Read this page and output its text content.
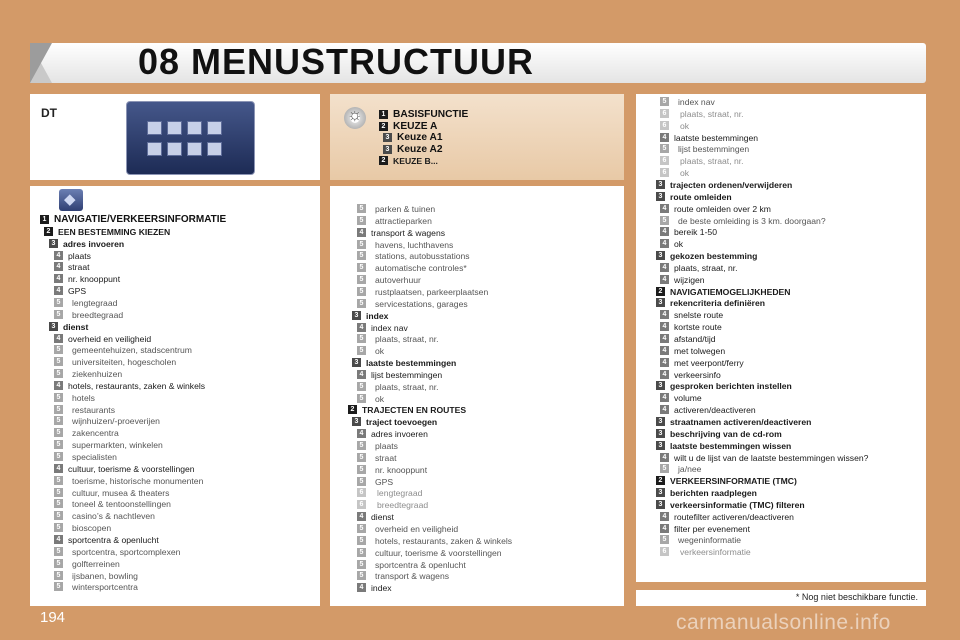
08 MENUSTRUCTUUR
DT
☼	1 BASISFUNCTIE
2 KEUZE A
3 Keuze A1
3 Keuze A2
2 KEUZE B...
◆
1 NAVIGATIE/VERKEERSINFORMATIE
2 EEN BESTEMMING KIEZEN
3 adres invoeren
4 plaats
4 straat
4 nr. knooppunt
4 GPS
5 lengtegraad
5 breedtegraad
3 dienst
4 overheid en veiligheid
5 gemeentehuizen, stadscentrum
5 universiteiten, hogescholen
5 ziekenhuizen
4 hotels, restaurants, zaken & winkels
5 hotels
5 restaurants
5 wijnhuizen/-proeverijen
5 zakencentra
5 supermarkten, winkelen
5 specialisten
4 cultuur, toerisme & voorstellingen
5 toerisme, historische monumenten
5 cultuur, musea & theaters
5 toneel & tentoonstellingen
5 casino’s & nachtleven
5 bioscopen
4 sportcentra & openlucht
5 sportcentra, sportcomplexen
5 golfterreinen
5 ijsbanen, bowling
5 wintersportcentra
5 parken & tuinen
5 attractieparken
4 transport & wagens
5 havens, luchthavens
5 stations, autobusstations
5 automatische controles*
5 autoverhuur
5 rustplaatsen, parkeerplaatsen
5 servicestations, garages
3 index
4 index nav
5 plaats, straat, nr.
5 ok
3 laatste bestemmingen
4 lijst bestemmingen
5 plaats, straat, nr.
5 ok
2 TRAJECTEN EN ROUTES
3 traject toevoegen
4 adres invoeren
5 plaats
5 straat
5 nr. knooppunt
5 GPS
6 lengtegraad
6 breedtegraad
4 dienst
5 overheid en veiligheid
5 hotels, restaurants, zaken & winkels
5 cultuur, toerisme & voorstellingen
5 sportcentra & openlucht
5 transport & wagens
4 index
5 index nav
6 plaats, straat, nr.
6 ok
4 laatste bestemmingen
5 lijst bestemmingen
6 plaats, straat, nr.
6 ok
3 trajecten ordenen/verwijderen
3 route omleiden
4 route omleiden over 2 km
5 de beste omleiding is 3 km. doorgaan?
4 bereik 1-50
4 ok
3 gekozen bestemming
4 plaats, straat, nr.
4 wijzigen
2 NAVIGATIEMOGELIJKHEDEN
3 rekencriteria definiëren
4 snelste route
4 kortste route
4 afstand/tijd
4 met tolwegen
4 met veerpont/ferry
4 verkeersinfo
3 gesproken berichten instellen
4 volume
4 activeren/deactiveren
3 straatnamen activeren/deactiveren
3 beschrijving van de cd-rom
3 laatste bestemmingen wissen
4 wilt u de lijst van de laatste bestemmingen wissen?
5 ja/nee
2 VERKEERSINFORMATIE (TMC)
3 berichten raadplegen
3 verkeersinformatie (TMC) filteren
4 routefilter activeren/deactiveren
4 filter per evenement
5 wegeninformatie
6 verkeersinformatie
* Nog niet beschikbare functie.
194	carmanualsonline.info
